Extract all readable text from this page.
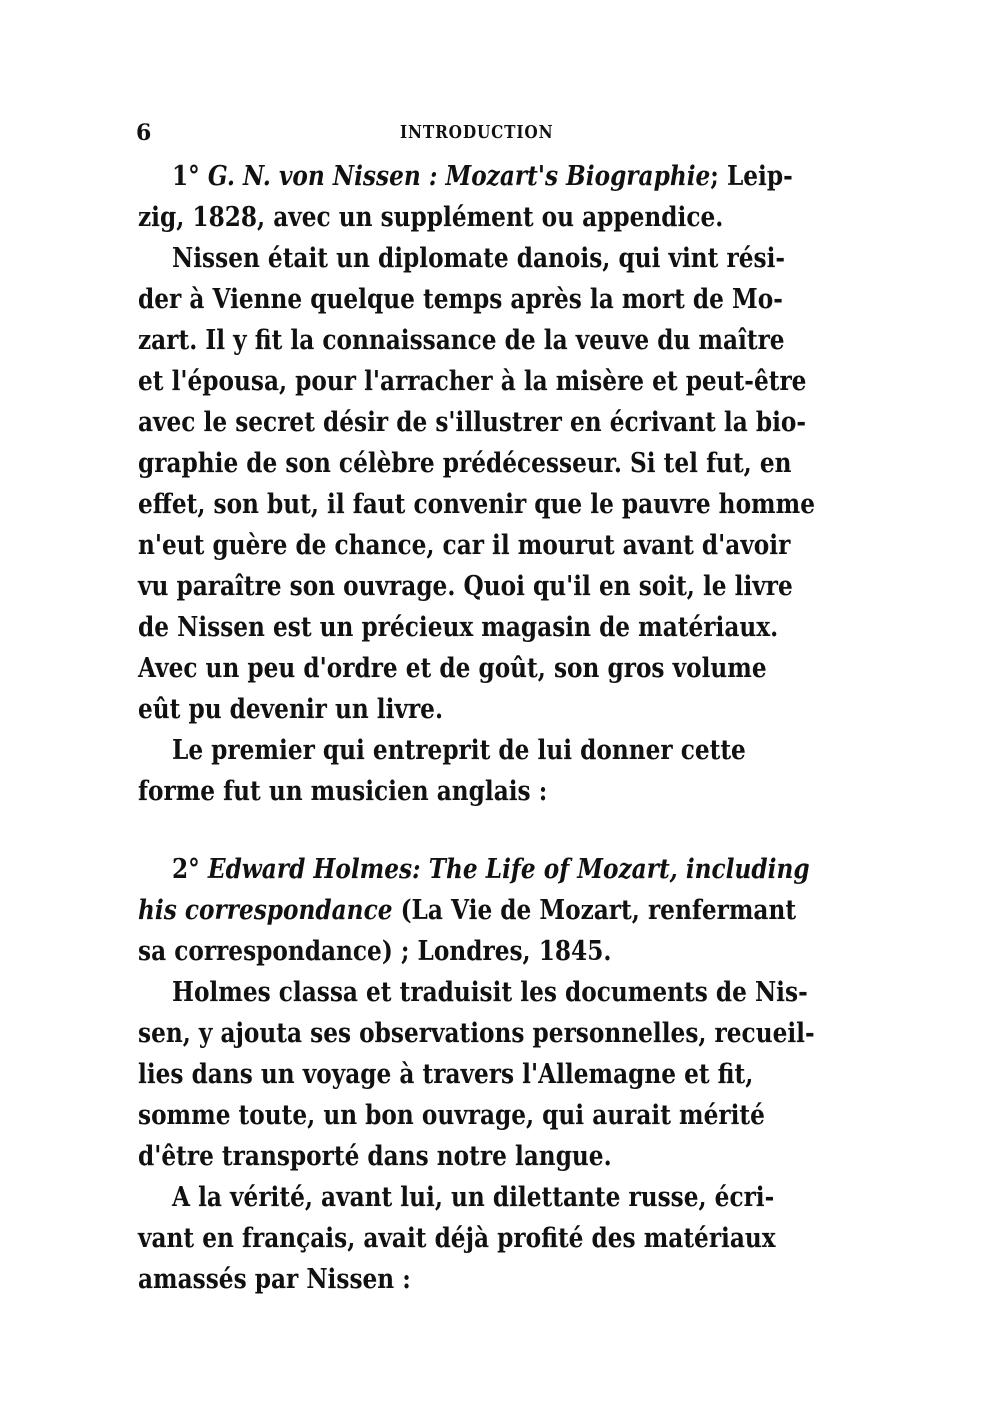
6	INTRODUCTION
1° G. N. von Nissen : Mozart's Biographie; Leip-
zig, 1828, avec un supplément ou appendice.
Nissen était un diplomate danois, qui vint rési-
der à Vienne quelque temps après la mort de Mo-
zart. Il y fit la connaissance de la veuve du maître
et l'épousa, pour l'arracher à la misère et peut-être
avec le secret désir de s'illustrer en écrivant la bio-
graphie de son célèbre prédécesseur. Si tel fut, en
effet, son but, il faut convenir que le pauvre homme
n'eut guère de chance, car il mourut avant d'avoir
vu paraître son ouvrage. Quoi qu'il en soit, le livre
de Nissen est un précieux magasin de matériaux.
Avec un peu d'ordre et de goût, son gros volume
eût pu devenir un livre.
Le premier qui entreprit de lui donner cette
forme fut un musicien anglais :
2° Edward Holmes: The Life of Mozart, including
his correspondance (La Vie de Mozart, renfermant
sa correspondance) ; Londres, 1845.
Holmes classa et traduisit les documents de Nis-
sen, y ajouta ses observations personnelles, recueil-
lies dans un voyage à travers l'Allemagne et fit,
somme toute, un bon ouvrage, qui aurait mérité
d'être transporté dans notre langue.
A la vérité, avant lui, un dilettante russe, écri-
vant en français, avait déjà profité des matériaux
amassés par Nissen :
